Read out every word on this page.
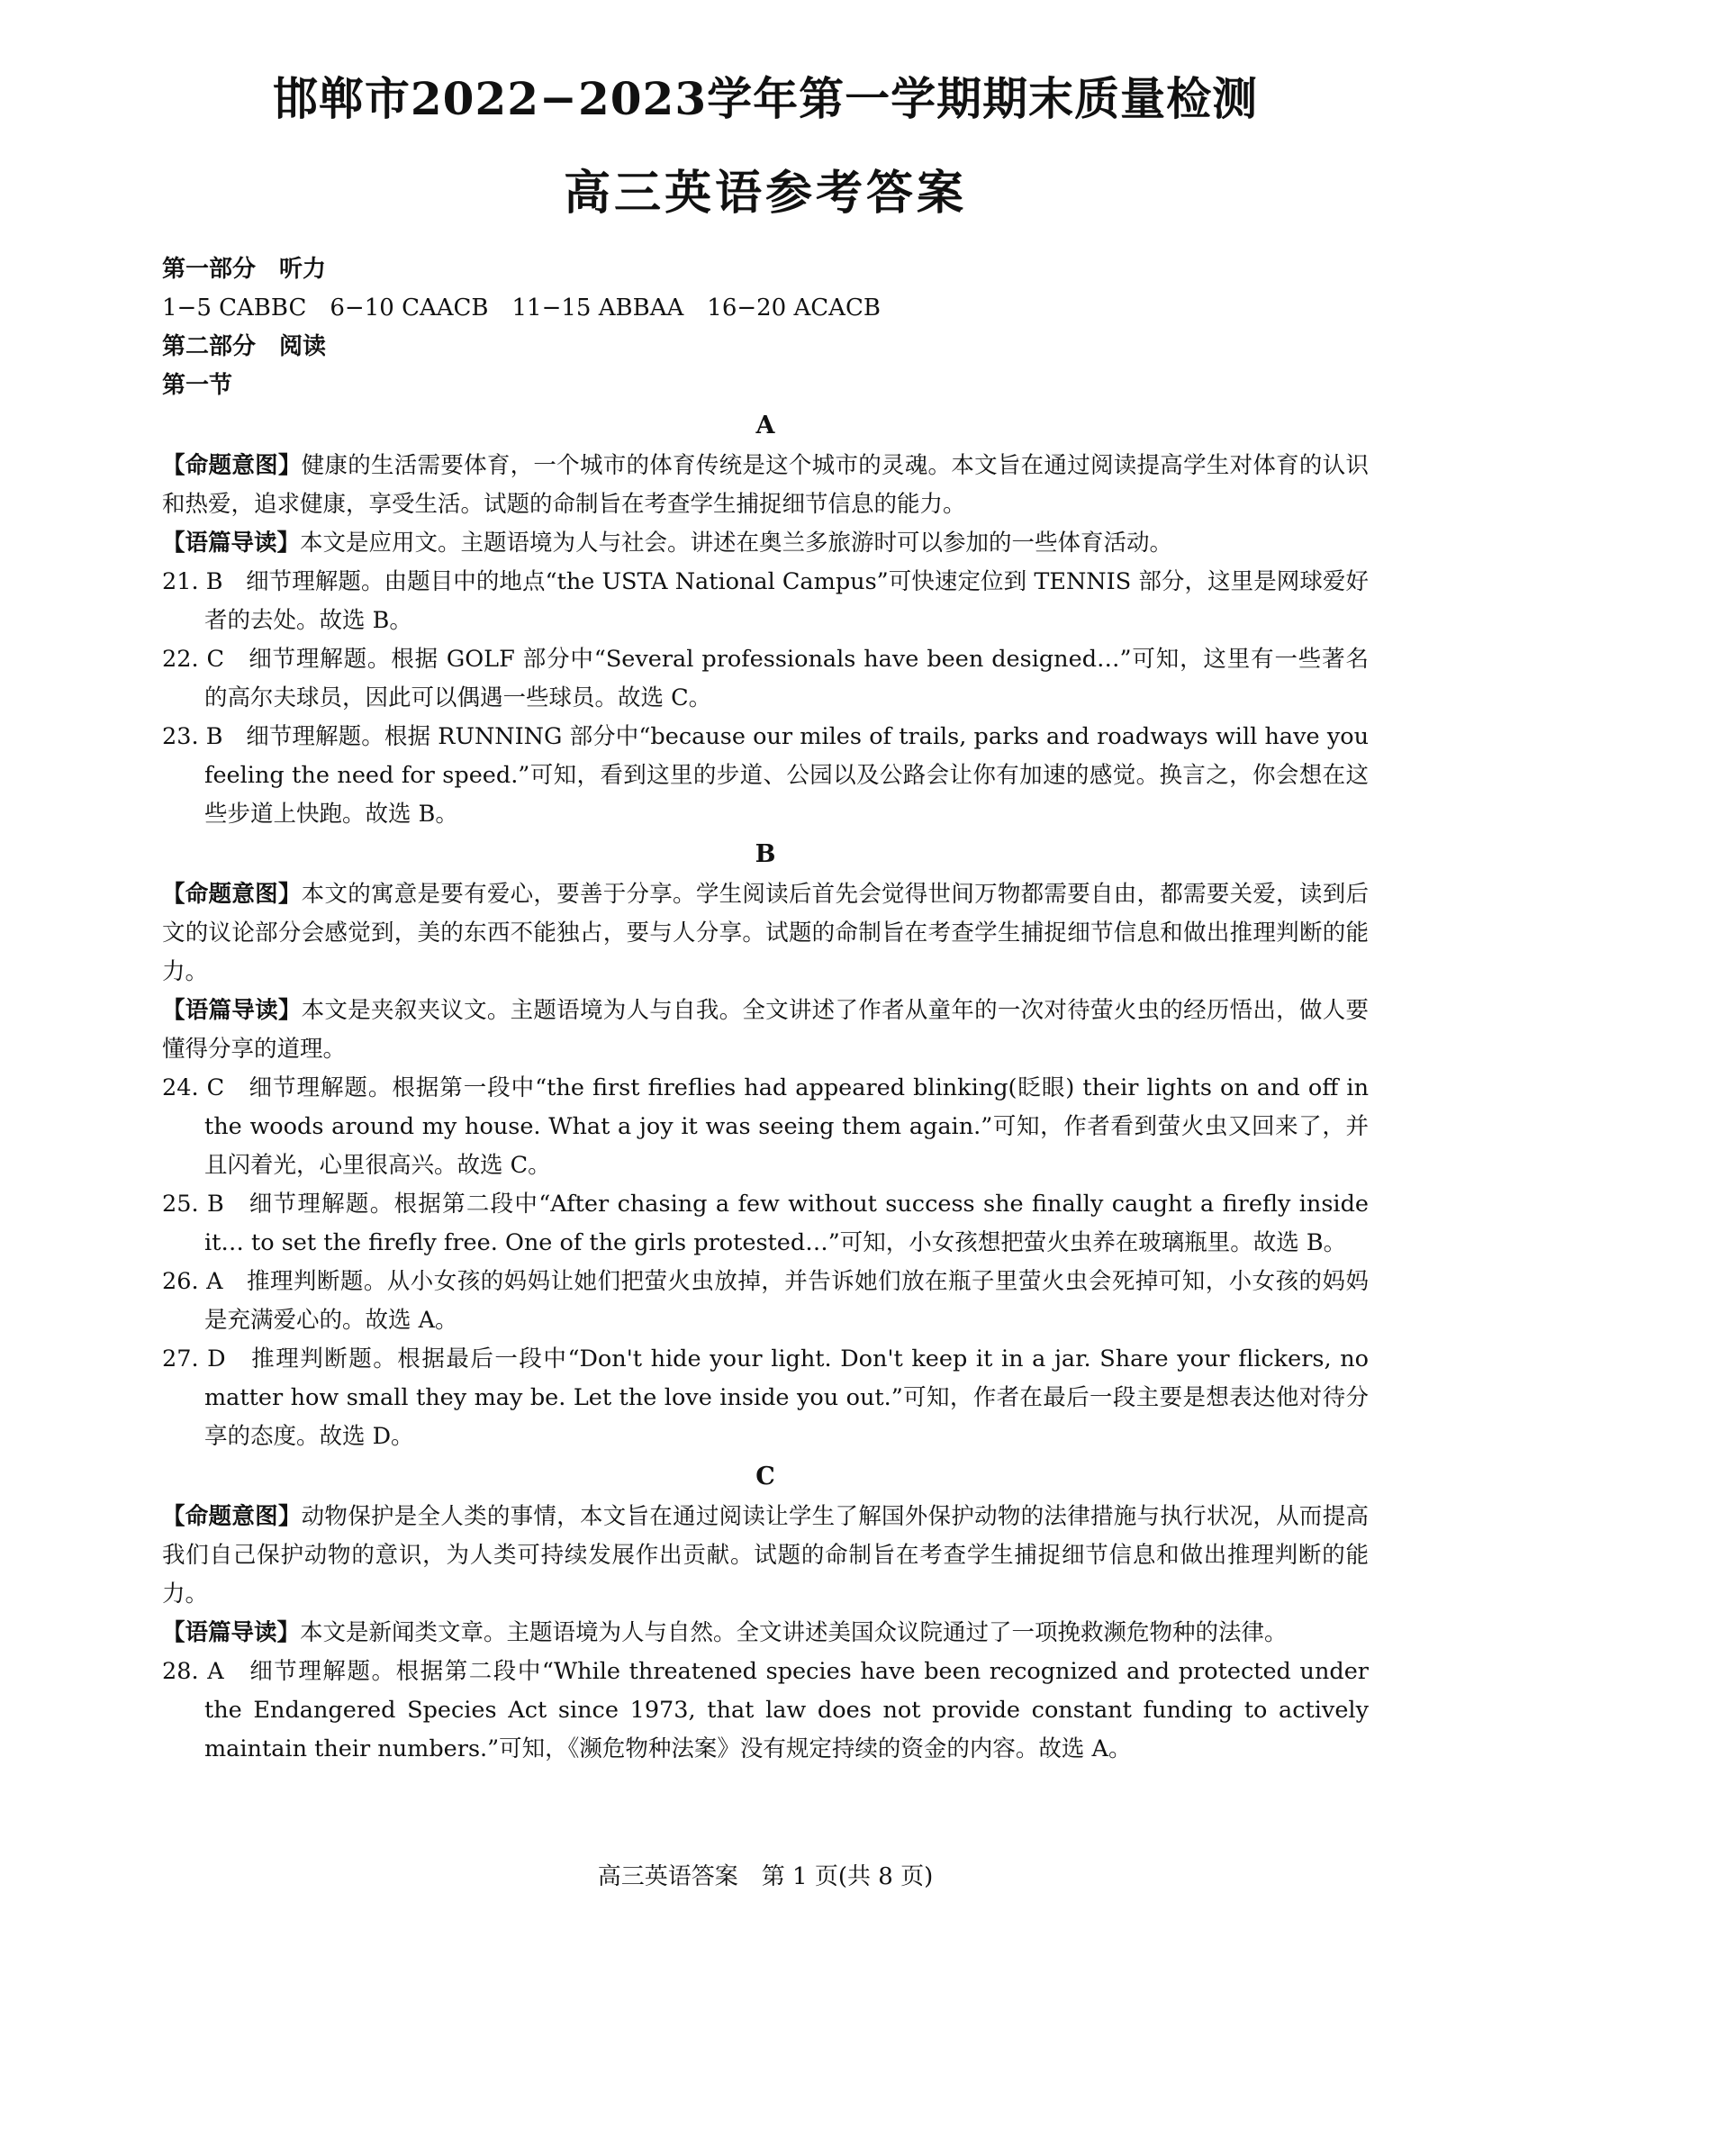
邯郸市2022−2023学年第一学期期末质量检测
高三英语参考答案
第一部分　听力
1−5 CABBC　6−10 CAACB　11−15 ABBAA　16−20 ACACB
第二部分　阅读
第一节
A

【命题意图】健康的生活需要体育，一个城市的体育传统是这个城市的灵魂。本文旨在通过阅读提高学生对体育的认识和热爱，追求健康，享受生活。试题的命制旨在考查学生捕捉细节信息的能力。

【语篇导读】本文是应用文。主题语境为人与社会。讲述在奥兰多旅游时可以参加的一些体育活动。

21. B　细节理解题。由题目中的地点“the USTA National Campus”可快速定位到 TENNIS 部分，这里是网球爱好者的去处。故选 B。

22. C　细节理解题。根据 GOLF 部分中“Several professionals have been designed…”可知，这里有一些著名的高尔夫球员，因此可以偶遇一些球员。故选 C。

23. B　细节理解题。根据 RUNNING 部分中“because our miles of trails, parks and roadways will have you feeling the need for speed.”可知，看到这里的步道、公园以及公路会让你有加速的感觉。换言之，你会想在这些步道上快跑。故选 B。

B

【命题意图】本文的寓意是要有爱心，要善于分享。学生阅读后首先会觉得世间万物都需要自由，都需要关爱，读到后文的议论部分会感觉到，美的东西不能独占，要与人分享。试题的命制旨在考查学生捕捉细节信息和做出推理判断的能力。

【语篇导读】本文是夹叙夹议文。主题语境为人与自我。全文讲述了作者从童年的一次对待萤火虫的经历悟出，做人要懂得分享的道理。

24. C　细节理解题。根据第一段中“the first fireflies had appeared blinking(眨眼) their lights on and off in the woods around my house. What a joy it was seeing them again.”可知，作者看到萤火虫又回来了，并且闪着光，心里很高兴。故选 C。

25. B　细节理解题。根据第二段中“After chasing a few without success she finally caught a firefly inside it… to set the firefly free. One of the girls protested…”可知，小女孩想把萤火虫养在玻璃瓶里。故选 B。

26. A　推理判断题。从小女孩的妈妈让她们把萤火虫放掉，并告诉她们放在瓶子里萤火虫会死掉可知，小女孩的妈妈是充满爱心的。故选 A。

27. D　推理判断题。根据最后一段中“Don't hide your light. Don't keep it in a jar. Share your flickers, no matter how small they may be. Let the love inside you out.”可知，作者在最后一段主要是想表达他对待分享的态度。故选 D。

C

【命题意图】动物保护是全人类的事情，本文旨在通过阅读让学生了解国外保护动物的法律措施与执行状况，从而提高我们自己保护动物的意识，为人类可持续发展作出贡献。试题的命制旨在考查学生捕捉细节信息和做出推理判断的能力。

【语篇导读】本文是新闻类文章。主题语境为人与自然。全文讲述美国众议院通过了一项挽救濒危物种的法律。

28. A　细节理解题。根据第二段中“While threatened species have been recognized and protected under the Endangered Species Act since 1973, that law does not provide constant funding to actively maintain their numbers.”可知，《濒危物种法案》没有规定持续的资金的内容。故选 A。

高三英语答案　第 1 页(共 8 页)
